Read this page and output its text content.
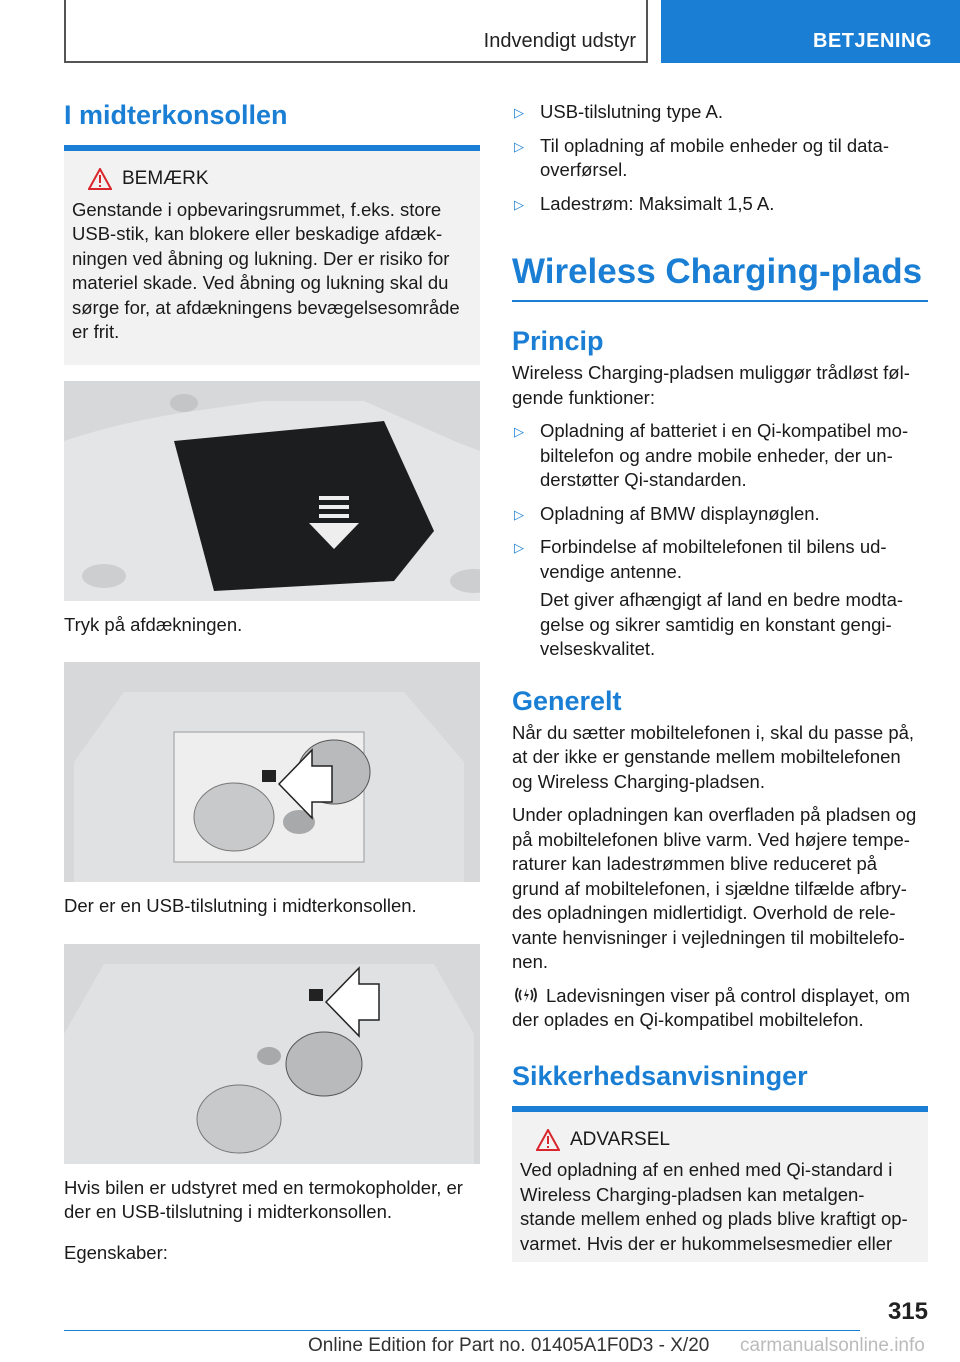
Indvendigt udstyr	BETJENING
I midterkonsollen
BEMÆRK
Genstande i opbevaringsrummet, f.eks. store
USB-stik, kan blokere eller beskadige afdæk-
ningen ved åbning og lukning. Der er risiko for
materiel skade. Ved åbning og lukning skal du
sørge for, at afdækningens bevægelsesområde
er frit.

Tryk på afdækningen.

Der er en USB-tilslutning i midterkonsollen.

Hvis bilen er udstyret med en termokopholder, er
der en USB-tilslutning i midterkonsollen.

Egenskaber:

▷ USB-tilslutning type A.
▷ Til opladning af mobile enheder og til data-
overførsel.
▷ Ladestrøm: Maksimalt 1,5 A.
Wireless Charging-plads
Princip

Wireless Charging-pladsen muliggør trådløst føl-
gende funktioner:

▷ Opladning af batteriet i en Qi-kompatibel mo-
biltelefon og andre mobile enheder, der un-
derstøtter Qi-standarden.
▷ Opladning af BMW displaynøglen.
▷ Forbindelse af mobiltelefonen til bilens ud-
vendige antenne.
Det giver afhængigt af land en bedre modta-
gelse og sikrer samtidig en konstant gengi-
velseskvalitet.
Generelt

Når du sætter mobiltelefonen i, skal du passe på,
at der ikke er genstande mellem mobiltelefonen
og Wireless Charging-pladsen.

Under opladningen kan overfladen på pladsen og
på mobiltelefonen blive varm. Ved højere tempe-
raturer kan ladestrømmen blive reduceret på
grund af mobiltelefonen, i sjældne tilfælde afbry-
des opladningen midlertidigt. Overhold de rele-
vante henvisninger i vejledningen til mobiltelefo-
nen.

Ladevisningen viser på control displayet, om
der oplades en Qi-kompatibel mobiltelefon.

Sikkerhedsanvisninger
ADVARSEL
Ved opladning af en enhed med Qi-standard i
Wireless Charging-pladsen kan metalgen-
stande mellem enhed og plads blive kraftigt op-
varmet. Hvis der er hukommelsesmedier eller
315
Online Edition for Part no. 01405A1F0D3 - X/20 carmanualsonline.info
